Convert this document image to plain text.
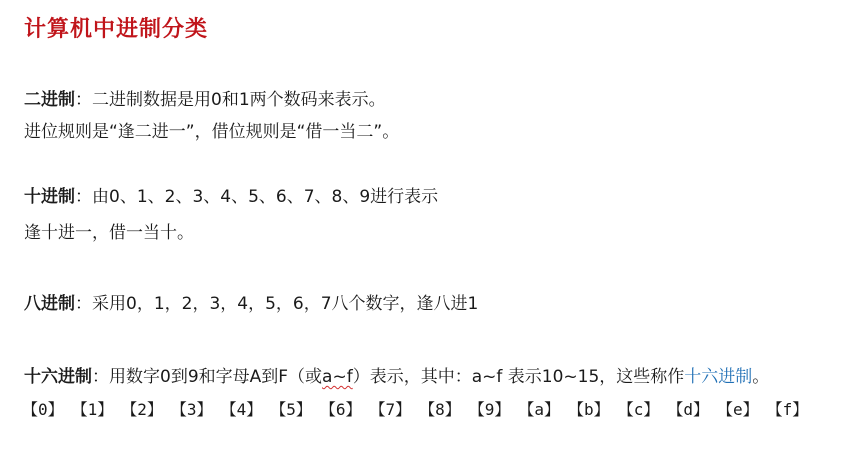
计算机中进制分类
二进制：二进制数据是用0和1两个数码来表示。
进位规则是“逢二进一”，借位规则是“借一当二”。
十进制：由0、1、2、3、4、5、6、7、8、9进行表示
逢十进一，借一当十。
八进制：采用0，1，2，3，4，5，6，7八个数字，逢八进1
十六进制：用数字0到9和字母A到F（或a~f）表示，其中：a~f 表示10~15，这些称作十六进制。
【0】 【1】 【2】 【3】 【4】 【5】 【6】 【7】 【8】 【9】 【a】 【b】 【c】 【d】 【e】 【f】
